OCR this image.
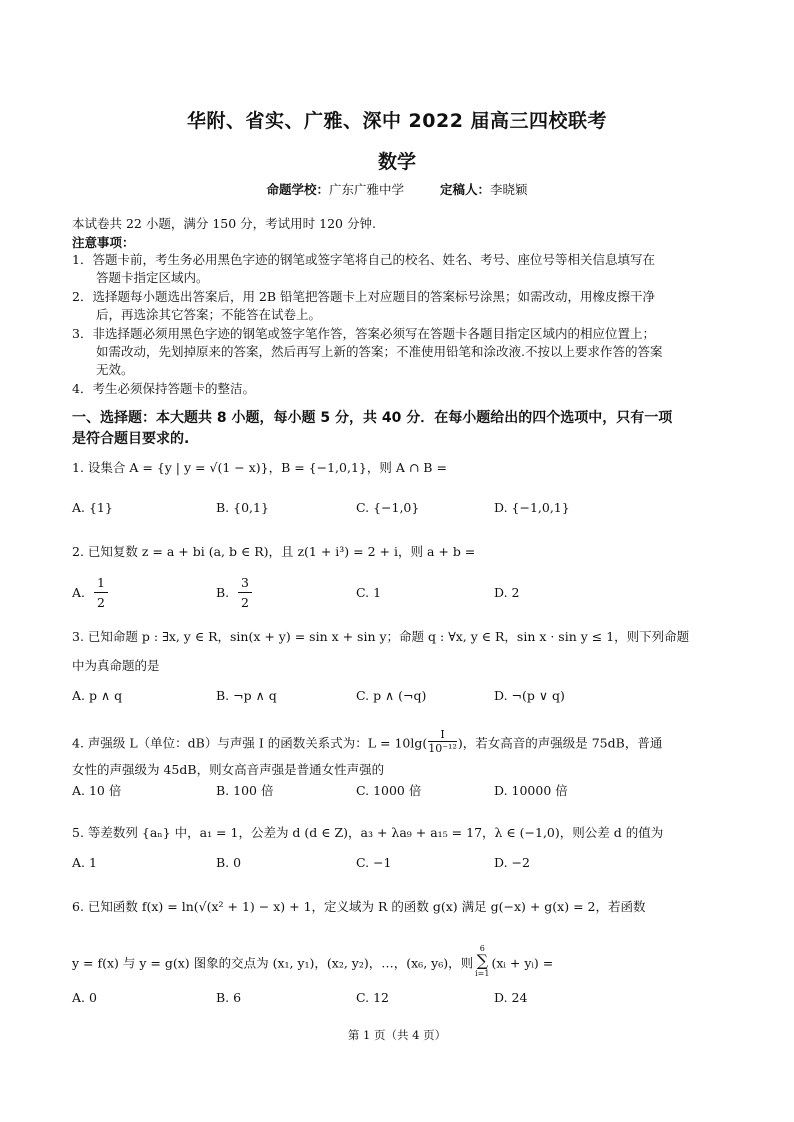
华附、省实、广雅、深中 2022 届高三四校联考
数学
命题学校：广东广雅中学	定稿人：李晓颖
本试卷共 22 小题，满分 150 分，考试用时 120 分钟.
注意事项：
1．答题卡前，考生务必用黑色字迹的钢笔或签字笔将自己的校名、姓名、考号、座位号等相关信息填写在
答题卡指定区域内。
2．选择题每小题选出答案后，用 2B 铅笔把答题卡上对应题目的答案标号涂黑；如需改动，用橡皮擦干净
后，再选涂其它答案；不能答在试卷上。
3．非选择题必须用黑色字迹的钢笔或签字笔作答，答案必须写在答题卡各题目指定区域内的相应位置上；
如需改动，先划掉原来的答案，然后再写上新的答案；不准使用铅笔和涂改液.不按以上要求作答的答案
无效。
4．考生必须保持答题卡的整洁。
一、选择题：本大题共 8 小题，每小题 5 分，共 40 分．在每小题给出的四个选项中，只有一项
是符合题目要求的.
1. 设集合 A = {y | y = √(1 − x)}，B = {−1,0,1}，则 A ∩ B =
A. {1}	B. {0,1}	C. {−1,0}	D. {−1,0,1}
2. 已知复数 z = a + bi (a, b ∈ R)，且 z(1 + i³) = 2 + i，则 a + b =
A.
1
2
B.
3
2
C. 1	D. 2
3. 已知命题 p : ∃x, y ∈ R，sin(x + y) = sin x + sin y；命题 q : ∀x, y ∈ R，sin x · sin y ≤ 1，则下列命题
中为真命题的是
A. p ∧ q	B. ¬p ∧ q	C. p ∧ (¬q)	D. ¬(p ∨ q)
4. 声强级 L（单位：dB）与声强 I 的函数关系式为：$L = 10\lg( \frac{I}{\text{10⁻¹²}}$ )，若女高音的声强级是 75dB，普通
女性的声强级为 45dB，则女高音声强是普通女性声强的
A. 10 倍	B. 100 倍	C. 1000 倍	D. 10000 倍
5. 等差数列 {aₙ} 中，a₁ = 1，公差为 d (d ∈ Z)，a₃ + λa₉ + a₁₅ = 17，λ ∈ (−1,0)，则公差 d 的值为
A. 1	B. 0	C. −1	D. −2
6. 已知函数 f(x) = ln(√(x² + 1) − x) + 1，定义域为 R 的函数 g(x) 满足 g(−x) + g(x) = 2，若函数
y = f(x) 与 y = g(x) 图象的交点为 (x₁, y₁)，(x₂, y₂)，…，(x₆, y₆)，则
6
∑
i=1
(xᵢ + yᵢ) =
A. 0	B. 6	C. 12	D. 24
第 1 页（共 4 页）
